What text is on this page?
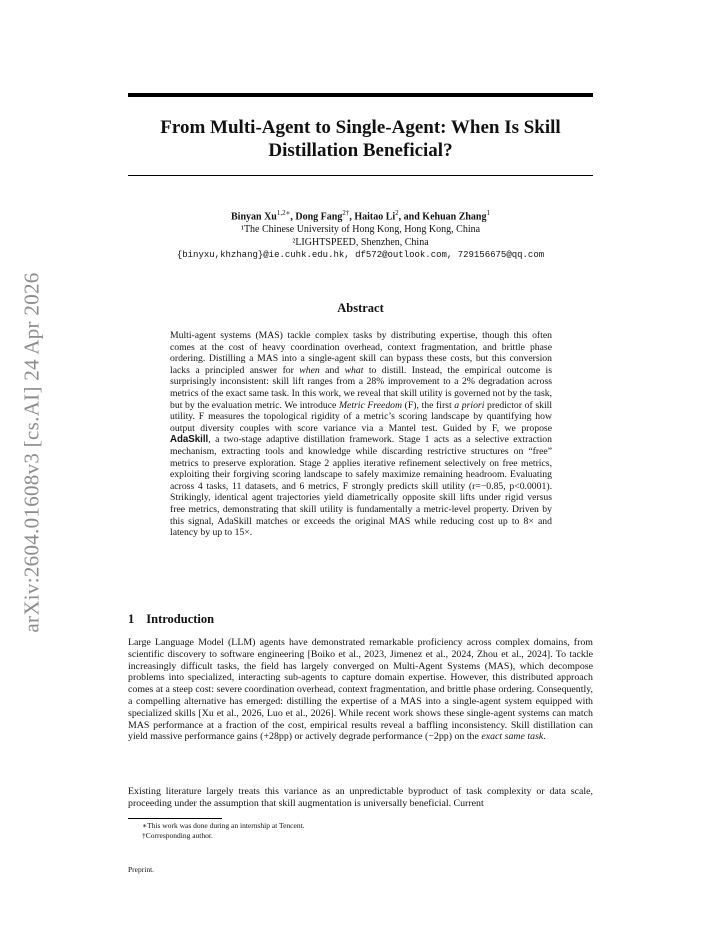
arXiv:2604.01608v3 [cs.AI] 24 Apr 2026
From Multi-Agent to Single-Agent: When Is Skill
Distillation Beneficial?
Binyan $Xu^{1,2∗}$, Dong Fang$^{2\dagger}$, Haitao Li$^2$, and Kehuan Zhang$^1$
¹The Chinese University of Hong Kong, Hong Kong, China
²LIGHTSPEED, Shenzhen, China
{binyxu,khzhang}@ie.cuhk.edu.hk, df572@outlook.com, 729156675@qq.com
Abstract
Multi-agent systems (MAS) tackle complex tasks by distributing expertise, though this often comes at the cost of heavy coordination overhead, context fragmentation, and brittle phase ordering. Distilling a MAS into a single-agent skill can bypass these costs, but this conversion lacks a principled answer for when and what to distill. Instead, the empirical outcome is surprisingly inconsistent: skill lift ranges from a 28% improvement to a 2% degradation across metrics of the exact same task. In this work, we reveal that skill utility is governed not by the task, but by the evaluation metric. We introduce Metric Freedom (F), the first a priori predictor of skill utility. F measures the topological rigidity of a metric’s scoring landscape by quantifying how output diversity couples with score variance via a Mantel test. Guided by F, we propose AdaSkill, a two-stage adaptive distillation framework. Stage 1 acts as a selective extraction mechanism, extracting tools and knowledge while discarding restrictive structures on “free” metrics to preserve exploration. Stage 2 applies iterative refinement selectively on free metrics, exploiting their forgiving scoring landscape to safely maximize remaining headroom. Evaluating across 4 tasks, 11 datasets, and 6 metrics, F strongly predicts skill utility (r=−0.85, p<0.0001). Strikingly, identical agent trajectories yield diametrically opposite skill lifts under rigid versus free metrics, demonstrating that skill utility is fundamentally a metric-level property. Driven by this signal, AdaSkill matches or exceeds the original MAS while reducing cost up to 8× and latency by up to 15×.
1 Introduction
Large Language Model (LLM) agents have demonstrated remarkable proficiency across complex domains, from scientific discovery to software engineering [Boiko et al., 2023, Jimenez et al., 2024, Zhou et al., 2024]. To tackle increasingly difficult tasks, the field has largely converged on Multi-Agent Systems (MAS), which decompose problems into specialized, interacting sub-agents to capture domain expertise. However, this distributed approach comes at a steep cost: severe coordination overhead, context fragmentation, and brittle phase ordering. Consequently, a compelling alternative has emerged: distilling the expertise of a MAS into a single-agent system equipped with specialized skills [Xu et al., 2026, Luo et al., 2026]. While recent work shows these single-agent systems can match MAS performance at a fraction of the cost, empirical results reveal a baffling inconsistency. Skill distillation can yield massive performance gains (+28pp) or actively degrade performance (−2pp) on the exact same task.
Existing literature largely treats this variance as an unpredictable byproduct of task complexity or data scale, proceeding under the assumption that skill augmentation is universally beneficial. Current
∗This work was done during an internship at Tencent.
†Corresponding author.
Preprint.
